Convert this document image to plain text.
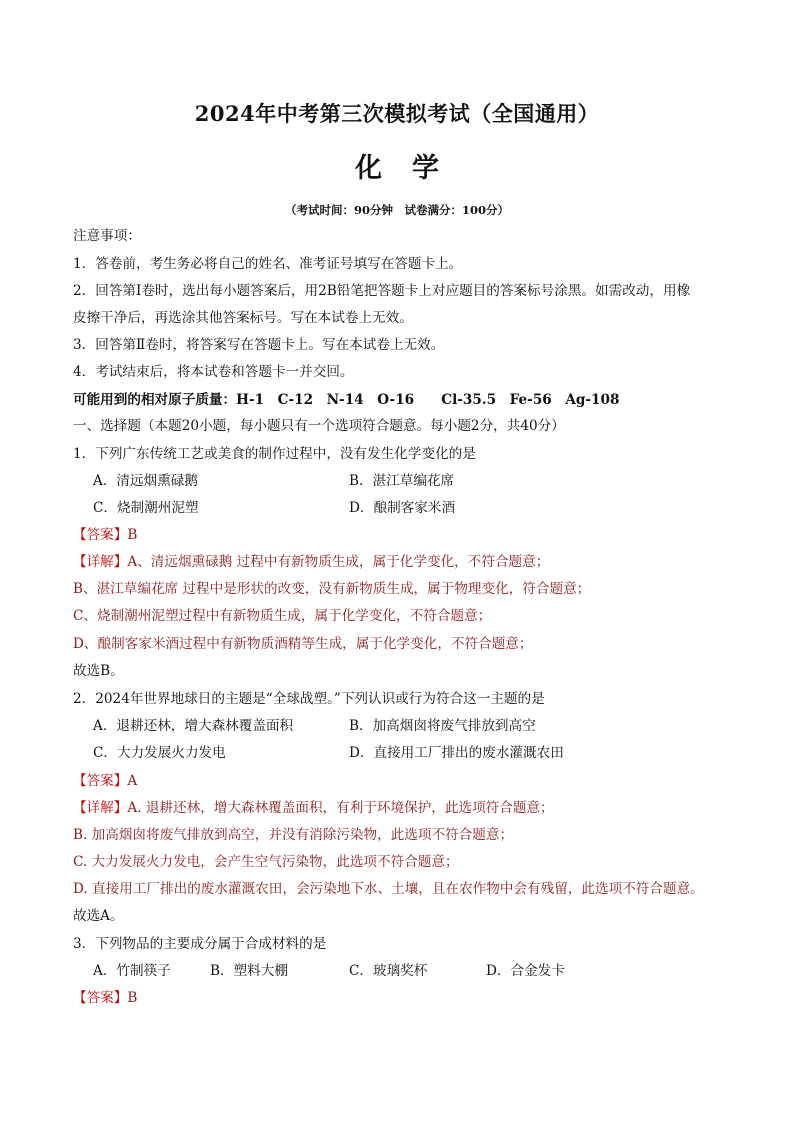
2024年中考第三次模拟考试（全国通用）
化学
（考试时间：90分钟　试卷满分：100分）
注意事项：
1．答卷前，考生务必将自己的姓名、准考证号填写在答题卡上。
2．回答第Ⅰ卷时，选出每小题答案后，用2B铅笔把答题卡上对应题目的答案标号涂黑。如需改动，用橡
皮擦干净后，再选涂其他答案标号。写在本试卷上无效。
3．回答第Ⅱ卷时，将答案写在答题卡上。写在本试卷上无效。
4．考试结束后，将本试卷和答题卡一并交回。
可能用到的相对原子质量：H-1　C-12　N-14　O-16　　Cl-35.5　Fe-56　Ag-108
一、选择题（本题20小题，每小题只有一个选项符合题意。每小题2分，共40分）
1．下列广东传统工艺或美食的制作过程中，没有发生化学变化的是
A．清远烟熏碌鹅	B．湛江草编花席
C．烧制潮州泥塑	D．酿制客家米酒
【答案】B
【详解】A、清远烟熏碌鹅 过程中有新物质生成，属于化学变化，不符合题意；
B、湛江草编花席 过程中是形状的改变，没有新物质生成，属于物理变化，符合题意；
C、烧制潮州泥塑过程中有新物质生成，属于化学变化，不符合题意；
D、酿制客家米酒过程中有新物质酒精等生成，属于化学变化，不符合题意；
故选B。
2．2024年世界地球日的主题是“全球战塑。”下列认识或行为符合这一主题的是
A．退耕还林，增大森林覆盖面积	B．加高烟囱将废气排放到高空
C．大力发展火力发电	D．直接用工厂排出的废水灌溉农田
【答案】A
【详解】A. 退耕还林，增大森林覆盖面积，有利于环境保护，此选项符合题意；
B. 加高烟囱将废气排放到高空，并没有消除污染物，此选项不符合题意；
C. 大力发展火力发电，会产生空气污染物，此选项不符合题意；
D. 直接用工厂排出的废水灌溉农田，会污染地下水、土壤，且在农作物中会有残留，此选项不符合题意。
故选A。
3．下列物品的主要成分属于合成材料的是
A．竹制筷子	B．塑料大棚	C．玻璃奖杯	D．合金发卡
【答案】B
